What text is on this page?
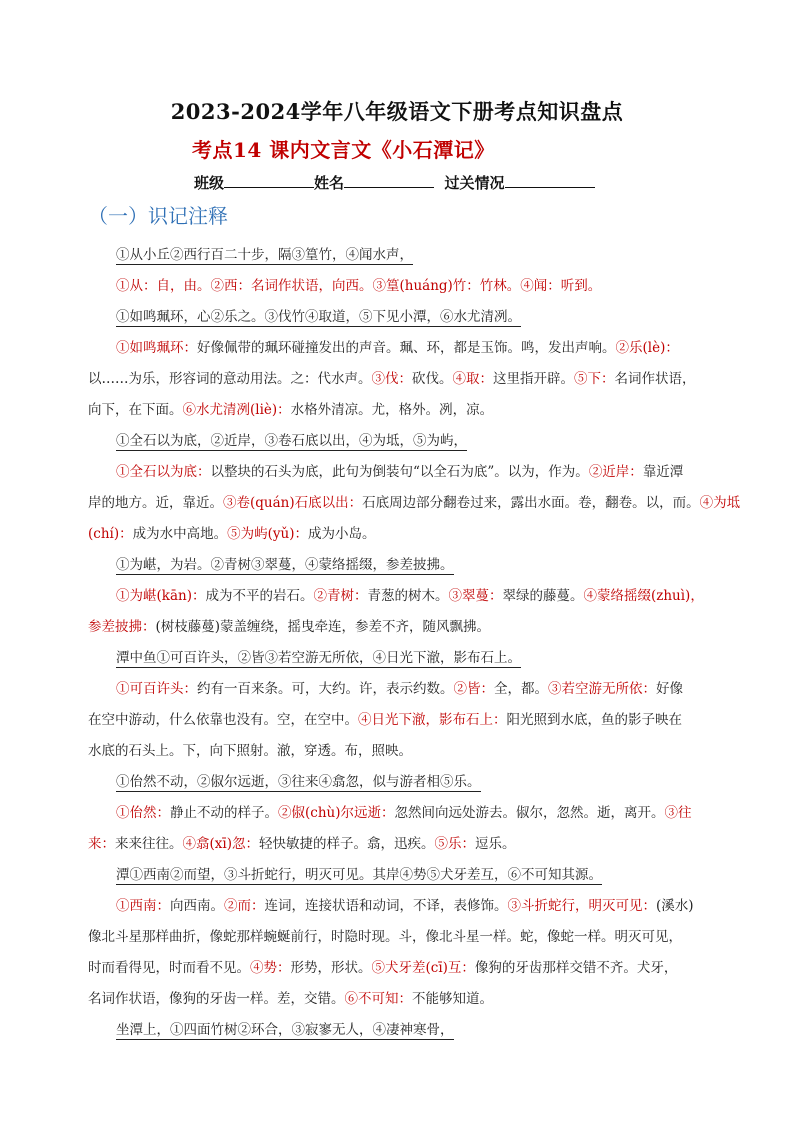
2023-2024学年八年级语文下册考点知识盘点
考点14 课内文言文《小石潭记》
班级	姓名	过关情况
（一）识记注释
①从小丘②西行百二十步，隔③篁竹，④闻水声，
①从：自，由。②西：名词作状语，向西。③篁(huáng)竹：竹林。④闻：听到。
①如鸣珮环，心②乐之。③伐竹④取道，⑤下见小潭，⑥水尤清冽。
①如鸣珮环：好像佩带的珮环碰撞发出的声音。珮、环，都是玉饰。鸣，发出声响。②乐(lè)：
以……为乐，形容词的意动用法。之：代水声。③伐：砍伐。④取：这里指开辟。⑤下：名词作状语，
向下，在下面。⑥水尤清冽(liè)：水格外清凉。尤，格外。冽，凉。
①全石以为底，②近岸，③卷石底以出，④为坻，⑤为屿，
①全石以为底：以整块的石头为底，此句为倒装句“以全石为底”。以为，作为。②近岸：靠近潭
岸的地方。近，靠近。③卷(quán)石底以出：石底周边部分翻卷过来，露出水面。卷，翻卷。以，而。④为坻
(chí)：成为水中高地。⑤为屿(yǔ)：成为小岛。
①为嵁，为岩。②青树③翠蔓，④蒙络摇缀，参差披拂。
①为嵁(kān)：成为不平的岩石。②青树：青葱的树木。③翠蔓：翠绿的藤蔓。④蒙络摇缀(zhuì)，
参差披拂：(树枝藤蔓)蒙盖缠绕，摇曳牵连，参差不齐，随风飘拂。
潭中鱼①可百许头，②皆③若空游无所依，④日光下澈，影布石上。
①可百许头：约有一百来条。可，大约。许，表示约数。②皆：全，都。③若空游无所依：好像
在空中游动，什么依靠也没有。空，在空中。④日光下澈，影布石上：阳光照到水底，鱼的影子映在
水底的石头上。下，向下照射。澈，穿透。布，照映。
①佁然不动，②俶尔远逝，③往来④翕忽，似与游者相⑤乐。
①佁然：静止不动的样子。②俶(chù)尔远逝：忽然间向远处游去。俶尔，忽然。逝，离开。③往
来：来来往往。④翕(xī)忽：轻快敏捷的样子。翕，迅疾。⑤乐：逗乐。
潭①西南②而望，③斗折蛇行，明灭可见。其岸④势⑤犬牙差互，⑥不可知其源。
①西南：向西南。②而：连词，连接状语和动词，不译，表修饰。③斗折蛇行，明灭可见：(溪水)
像北斗星那样曲折，像蛇那样蜿蜒前行，时隐时现。斗，像北斗星一样。蛇，像蛇一样。明灭可见，
时而看得见，时而看不见。④势：形势，形状。⑤犬牙差(cī)互：像狗的牙齿那样交错不齐。犬牙，
名词作状语，像狗的牙齿一样。差，交错。⑥不可知：不能够知道。
坐潭上，①四面竹树②环合，③寂寥无人，④凄神寒骨，
